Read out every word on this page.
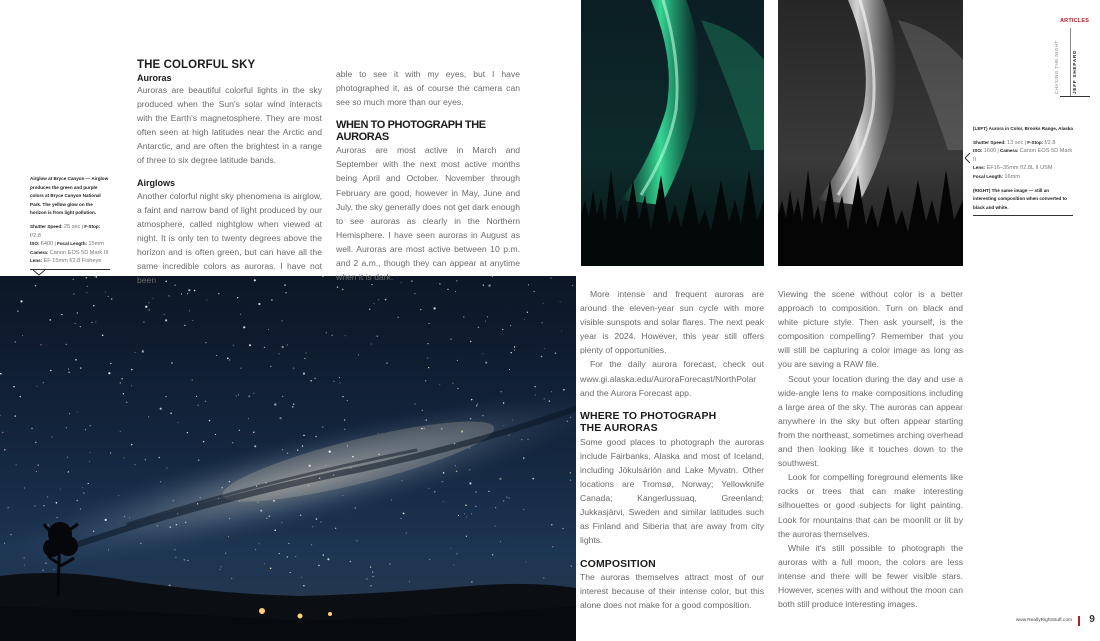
ARTICLES
CHASING THE NIGHT	JEFF SHEPARD
Airglow at Bryce Canyon — Airglow produces the green and purple colors at Bryce Canyon National Park. The yellow glow on the horizon is from light pollution.
Shutter Speed: 25 sec | F-Stop: f/2.8
ISO: 6400 | Focal Length: 15mm
Camera: Canon EOS 5D Mark III
Lens: EF 15mm f/2.8 Fisheye
THE COLORFUL SKY
Auroras

Auroras are beautiful colorful lights in the sky produced when the Sun's solar wind interacts with the Earth's magnetosphere. They are most often seen at high latitudes near the Arctic and Antarctic, and are often the brightest in a range of three to six degree latitude bands.

Airglows

Another colorful night sky phenomena is airglow, a faint and narrow band of light produced by our atmosphere, called nightglow when viewed at night. It is only ten to twenty degrees above the horizon and is often green, but can have all the same incredible colors as auroras. I have not been

able to see it with my eyes, but I have photographed it, as of course the camera can see so much more than our eyes.

WHEN TO PHOTOGRAPH THE AURORAS

Auroras are most active in March and September with the next most active months being April and October. November through February are good, however in May, June and July, the sky generally does not get dark enough to see auroras as clearly in the Northern Hemisphere. I have seen auroras in August as well. Auroras are most active between 10 p.m. and 2 a.m., though they can appear at anytime when it is dark.

(LEFT) Aurora in Color, Brooks Range, Alaska
Shutter Speed: 13 sec | F-Stop: f/2.8
ISO: 1600 | Camera: Canon EOS 5D Mark II
Lens: EF16–35mm f/2.8L II USM
Focal Length: 16mm
(RIGHT) The same image — still an interesting composition when converted to black and white.

More intense and frequent auroras are around the eleven-year sun cycle with more visible sunspots and solar flares. The next peak year is 2024. However, this year still offers plenty of opportunities.

For the daily aurora forecast, check out www.gi.alaska.edu/AuroraForecast/NorthPolar and the Aurora Forecast app.

WHERE TO PHOTOGRAPH THE AURORAS

Some good places to photograph the auroras include Fairbanks, Alaska and most of Iceland, including Jökulsárlón and Lake Myvatn. Other locations are Tromsø, Norway; Yellowknife Canada; Kangerlussuaq, Greenland; Jukkasjärvi, Sweden and similar latitudes such as Finland and Siberia that are away from city lights.

COMPOSITION

The auroras themselves attract most of our interest because of their intense color, but this alone does not make for a good composition.

Viewing the scene without color is a better approach to composition. Turn on black and white picture style. Then ask yourself, is the composition compelling? Remember that you will still be capturing a color image as long as you are saving a RAW file.

Scout your location during the day and use a wide-angle lens to make compositions including a large area of the sky. The auroras can appear anywhere in the sky but often appear starting from the northeast, sometimes arching overhead and then looking like it touches down to the southwest.

Look for compelling foreground elements like rocks or trees that can make interesting silhouettes or good subjects for light painting. Look for mountains that can be moonlit or lit by the auroras themselves.

While it's still possible to photograph the auroras with a full moon, the colors are less intense and there will be fewer visible stars. However, scenes with and without the moon can both still produce interesting images.

www.ReallyRightStuff.com	9
